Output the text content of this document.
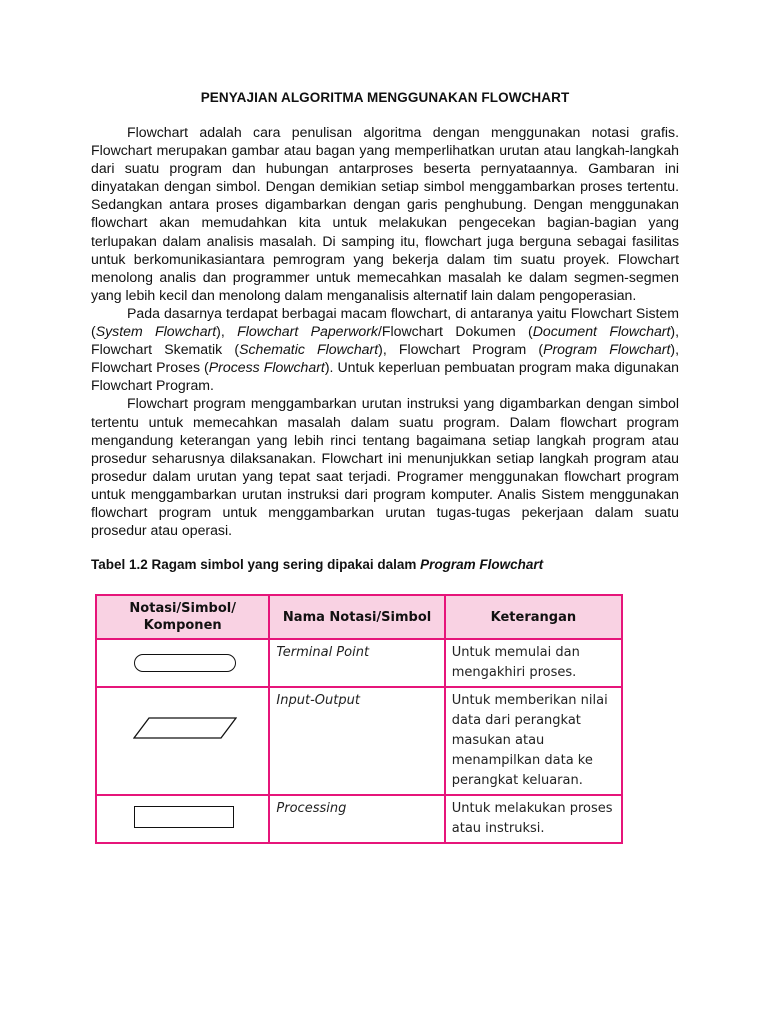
PENYAJIAN ALGORITMA MENGGUNAKAN FLOWCHART

Flowchart adalah cara penulisan algoritma dengan menggunakan notasi grafis. Flowchart merupakan gambar atau bagan yang memperlihatkan urutan atau langkah-langkah dari suatu program dan hubungan antarproses beserta pernyataannya. Gambaran ini dinyatakan dengan simbol. Dengan demikian setiap simbol menggambarkan proses tertentu. Sedangkan antara proses digambarkan dengan garis penghubung. Dengan menggunakan flowchart akan memudahkan kita untuk melakukan pengecekan bagian-bagian yang terlupakan dalam analisis masalah. Di samping itu, flowchart juga berguna sebagai fasilitas untuk berkomunikasiantara pemrogram yang bekerja dalam tim suatu proyek. Flowchart menolong analis dan programmer untuk memecahkan masalah ke dalam segmen-segmen yang lebih kecil dan menolong dalam menganalisis alternatif lain dalam pengoperasian.

Pada dasarnya terdapat berbagai macam flowchart, di antaranya yaitu Flowchart Sistem (System Flowchart), Flowchart Paperwork/Flowchart Dokumen (Document Flowchart), Flowchart Skematik (Schematic Flowchart), Flowchart Program (Program Flowchart), Flowchart Proses (Process Flowchart). Untuk keperluan pembuatan program maka digunakan Flowchart Program.

Flowchart program menggambarkan urutan instruksi yang digambarkan dengan simbol tertentu untuk memecahkan masalah dalam suatu program. Dalam flowchart program mengandung keterangan yang lebih rinci tentang bagaimana setiap langkah program atau prosedur seharusnya dilaksanakan. Flowchart ini menunjukkan setiap langkah program atau prosedur dalam urutan yang tepat saat terjadi. Programer menggunakan flowchart program untuk menggambarkan urutan instruksi dari program komputer. Analis Sistem menggunakan flowchart program untuk menggambarkan urutan tugas-tugas pekerjaan dalam suatu prosedur atau operasi.

Tabel 1.2 Ragam simbol yang sering dipakai dalam Program Flowchart
Notasi/Simbol/ Komponen	Nama Notasi/Simbol	Keterangan

	Terminal Point	Untuk memulai dan mengakhiri proses.

	Input-Output	Untuk memberikan nilai data dari perangkat masukan atau menampilkan data ke perangkat keluaran.

	Processing	Untuk melakukan proses atau instruksi.
